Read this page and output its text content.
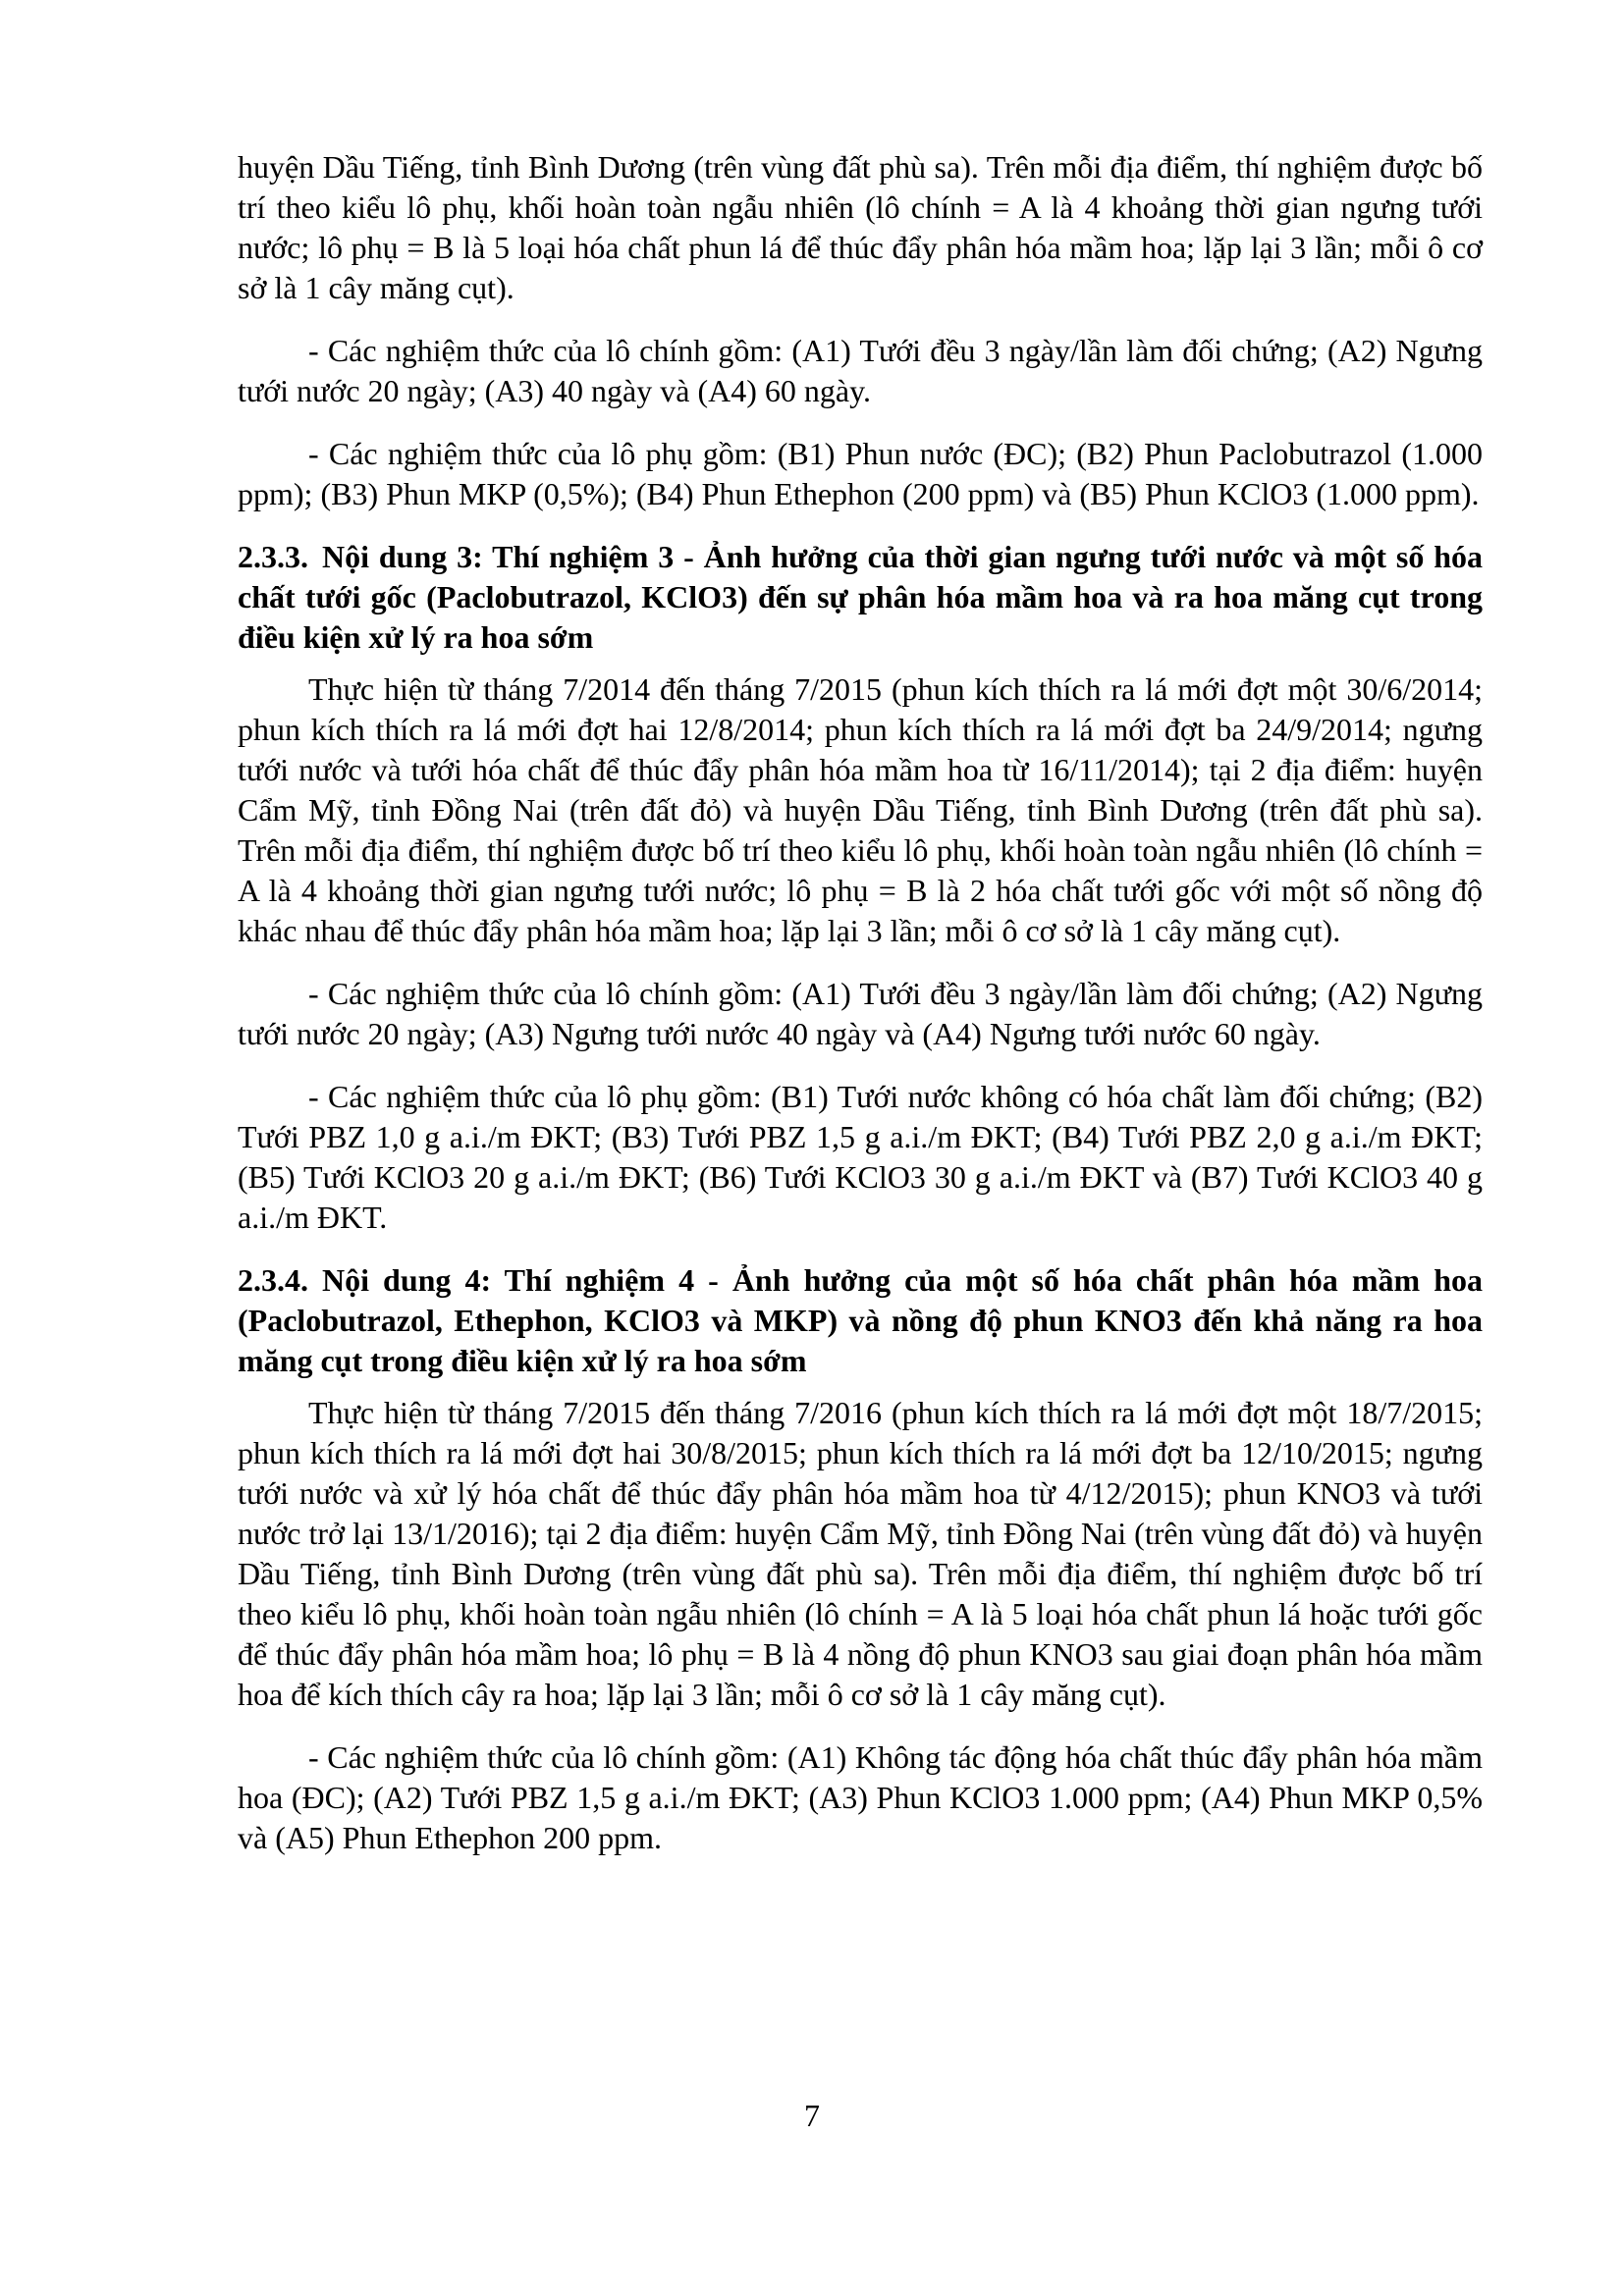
huyện Dầu Tiếng, tỉnh Bình Dương (trên vùng đất phù sa). Trên mỗi địa điểm, thí nghiệm được bố trí theo kiểu lô phụ, khối hoàn toàn ngẫu nhiên (lô chính = A là 4 khoảng thời gian ngưng tưới nước; lô phụ = B là 5 loại hóa chất phun lá để thúc đẩy phân hóa mầm hoa; lặp lại 3 lần; mỗi ô cơ sở là 1 cây măng cụt).

- Các nghiệm thức của lô chính gồm: (A1) Tưới đều 3 ngày/lần làm đối chứng; (A2) Ngưng tưới nước 20 ngày; (A3) 40 ngày và (A4) 60 ngày.

- Các nghiệm thức của lô phụ gồm: (B1) Phun nước (ĐC); (B2) Phun Paclobutrazol (1.000 ppm); (B3) Phun MKP (0,5%); (B4) Phun Ethephon (200 ppm) và (B5) Phun KClO3 (1.000 ppm).

2.3.3. Nội dung 3: Thí nghiệm 3 - Ảnh hưởng của thời gian ngưng tưới nước và một số hóa chất tưới gốc (Paclobutrazol, KClO3) đến sự phân hóa mầm hoa và ra hoa măng cụt trong điều kiện xử lý ra hoa sớm

Thực hiện từ tháng 7/2014 đến tháng 7/2015 (phun kích thích ra lá mới đợt một 30/6/2014; phun kích thích ra lá mới đợt hai 12/8/2014; phun kích thích ra lá mới đợt ba 24/9/2014; ngưng tưới nước và tưới hóa chất để thúc đẩy phân hóa mầm hoa từ 16/11/2014); tại 2 địa điểm: huyện Cẩm Mỹ, tỉnh Đồng Nai (trên đất đỏ) và huyện Dầu Tiếng, tỉnh Bình Dương (trên đất phù sa). Trên mỗi địa điểm, thí nghiệm được bố trí theo kiểu lô phụ, khối hoàn toàn ngẫu nhiên (lô chính = A là 4 khoảng thời gian ngưng tưới nước; lô phụ = B là 2 hóa chất tưới gốc với một số nồng độ khác nhau để thúc đẩy phân hóa mầm hoa; lặp lại 3 lần; mỗi ô cơ sở là 1 cây măng cụt).

- Các nghiệm thức của lô chính gồm: (A1) Tưới đều 3 ngày/lần làm đối chứng; (A2) Ngưng tưới nước 20 ngày; (A3) Ngưng tưới nước 40 ngày và (A4) Ngưng tưới nước 60 ngày.

- Các nghiệm thức của lô phụ gồm: (B1) Tưới nước không có hóa chất làm đối chứng; (B2) Tưới PBZ 1,0 g a.i./m ĐKT; (B3) Tưới PBZ 1,5 g a.i./m ĐKT; (B4) Tưới PBZ 2,0 g a.i./m ĐKT; (B5) Tưới KClO3 20 g a.i./m ĐKT; (B6) Tưới KClO3 30 g a.i./m ĐKT và (B7) Tưới KClO3 40 g a.i./m ĐKT.

2.3.4. Nội dung 4: Thí nghiệm 4 - Ảnh hưởng của một số hóa chất phân hóa mầm hoa (Paclobutrazol, Ethephon, KClO3 và MKP) và nồng độ phun KNO3 đến khả năng ra hoa măng cụt trong điều kiện xử lý ra hoa sớm

Thực hiện từ tháng 7/2015 đến tháng 7/2016 (phun kích thích ra lá mới đợt một 18/7/2015; phun kích thích ra lá mới đợt hai 30/8/2015; phun kích thích ra lá mới đợt ba 12/10/2015; ngưng tưới nước và xử lý hóa chất để thúc đẩy phân hóa mầm hoa từ 4/12/2015); phun KNO3 và tưới nước trở lại 13/1/2016); tại 2 địa điểm: huyện Cẩm Mỹ, tỉnh Đồng Nai (trên vùng đất đỏ) và huyện Dầu Tiếng, tỉnh Bình Dương (trên vùng đất phù sa). Trên mỗi địa điểm, thí nghiệm được bố trí theo kiểu lô phụ, khối hoàn toàn ngẫu nhiên (lô chính = A là 5 loại hóa chất phun lá hoặc tưới gốc để thúc đẩy phân hóa mầm hoa; lô phụ = B là 4 nồng độ phun KNO3 sau giai đoạn phân hóa mầm hoa để kích thích cây ra hoa; lặp lại 3 lần; mỗi ô cơ sở là 1 cây măng cụt).

- Các nghiệm thức của lô chính gồm: (A1) Không tác động hóa chất thúc đẩy phân hóa mầm hoa (ĐC); (A2) Tưới PBZ 1,5 g a.i./m ĐKT; (A3) Phun KClO3 1.000 ppm; (A4) Phun MKP 0,5% và (A5) Phun Ethephon 200 ppm.

7
